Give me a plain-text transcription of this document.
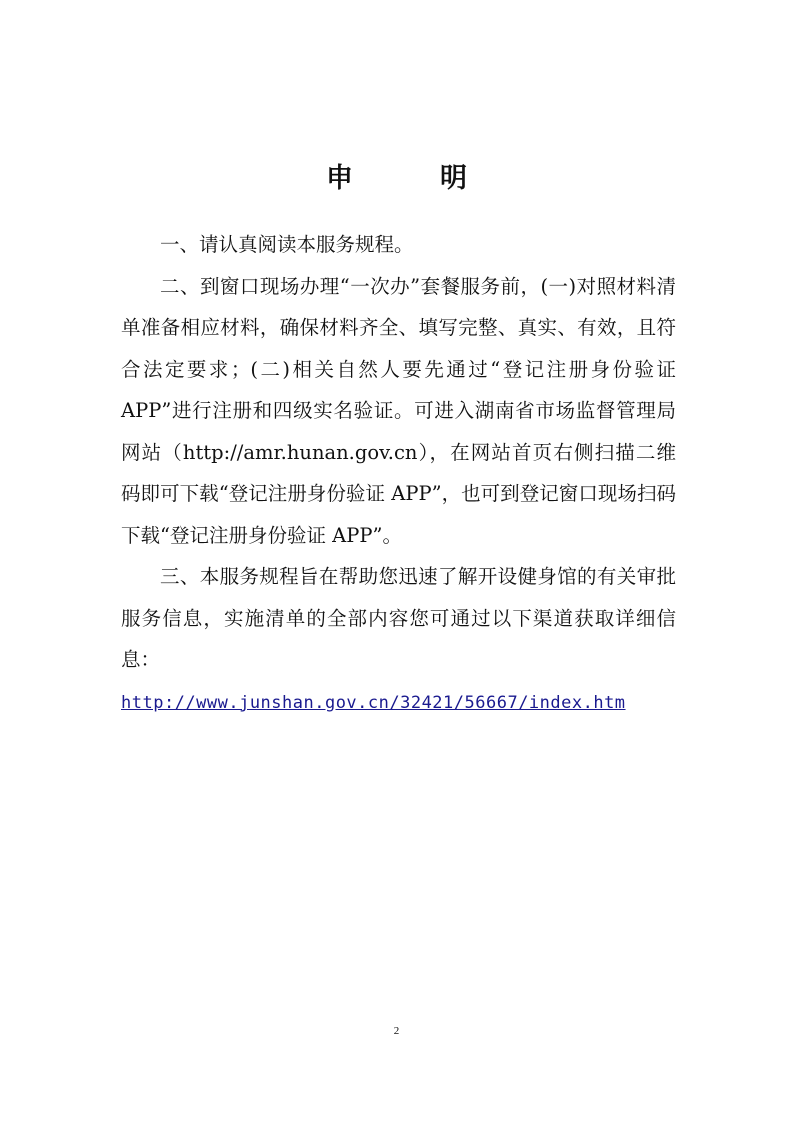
申　明

一、请认真阅读本服务规程。

二、到窗口现场办理“一次办”套餐服务前，(一)对照材料清单准备相应材料，确保材料齐全、填写完整、真实、有效，且符合法定要求；(二)相关自然人要先通过“登记注册身份验证 APP”进行注册和四级实名验证。可进入湖南省市场监督管理局网站（http://amr.hunan.gov.cn），在网站首页右侧扫描二维码即可下载“登记注册身份验证 APP”，也可到登记窗口现场扫码下载“登记注册身份验证 APP”。

三、本服务规程旨在帮助您迅速了解开设健身馆的有关审批服务信息，实施清单的全部内容您可通过以下渠道获取详细信息：

http://www.junshan.gov.cn/32421/56667/index.htm

2
